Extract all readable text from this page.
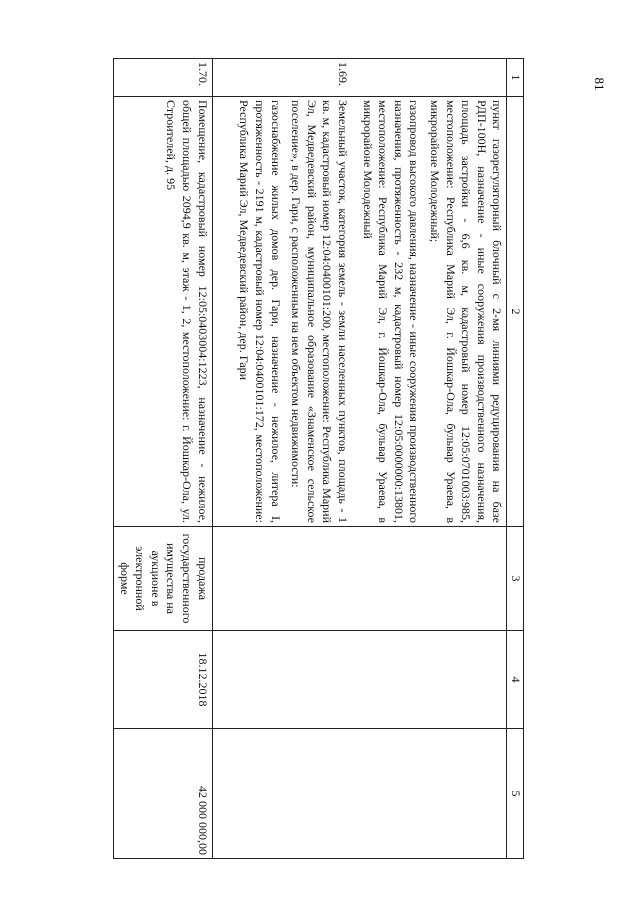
81
1	2	3	4	5

	пункт газорегуляторный блочный с 2-мя линиями редуцирования на базе РДП-100Н, назначение - иные сооружения производственного назначения, площадь застройки - 6,6 кв. м, кадастровый номер 12:05:0701003:985, местоположение: Республика Марий Эл, г. Йошкар-Ола, бульвар Ураева, в микрорайоне Молодежный;

газопровод высокого давления, назначение - иные сооружения производственного назначения, протяженность - 232 м, кадастровый номер 12:05:0000000:13801, местоположение: Республика Марий Эл, г. Йошкар-Ола, бульвар Ураева, в микрорайоне Молодежный			

1.69.	Земельный участок, категория земель - земли населенных пунктов, площадь - 1 кв. м, кадастровый номер 12:04:0400101:200, местоположение: Республика Марий Эл, Медведевский район, муниципальное образование «Знаменское сельское поселение», в дер. Гари, с расположенным на нем объектом недвижимости:

газоснабжение жилых домов дер. Гари, назначение - нежилое, литера I, протяженность - 2191 м, кадастровый номер 12:04:0400101:172, местоположение: Республика Марий Эл, Медведевский район, дер. Гари			

1.70.	Помещение, кадастровый номер 12:05:0403004:1223, назначение - нежилое, общей площадью 2094,9 кв. м, этаж - 1, 2, местоположение: г. Йошкар-Ола, ул. Строителей, д. 95	продажа государственного имущества на аукционе в электронной форме	18.12.2018	42 000 000,00
